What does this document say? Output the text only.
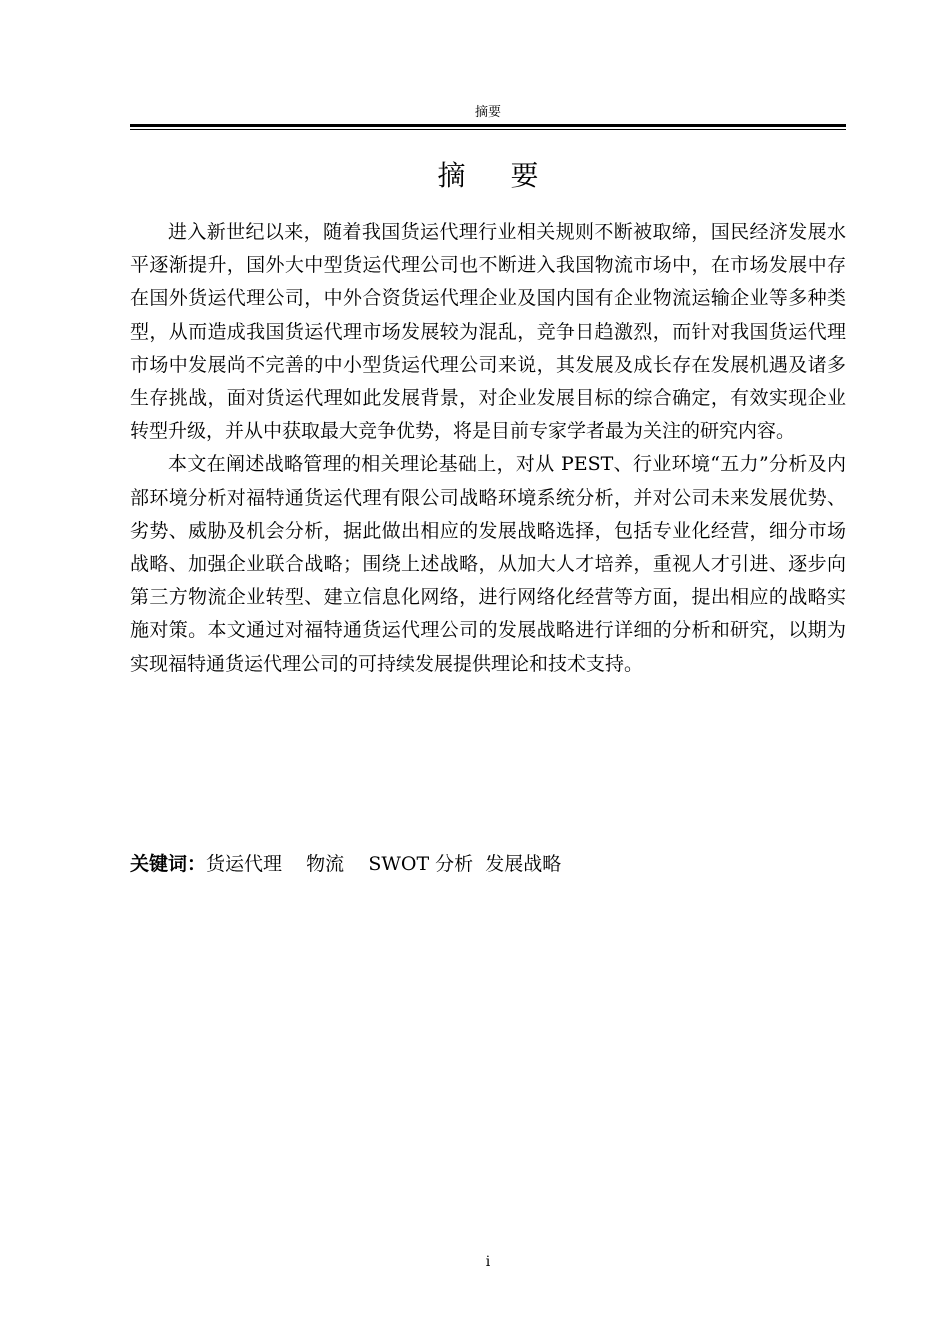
摘要
摘 要

进入新世纪以来，随着我国货运代理行业相关规则不断被取缔，国民经济发展水平逐渐提升，国外大中型货运代理公司也不断进入我国物流市场中，在市场发展中存在国外货运代理公司，中外合资货运代理企业及国内国有企业物流运输企业等多种类型，从而造成我国货运代理市场发展较为混乱，竞争日趋激烈，而针对我国货运代理市场中发展尚不完善的中小型货运代理公司来说，其发展及成长存在发展机遇及诸多生存挑战，面对货运代理如此发展背景，对企业发展目标的综合确定，有效实现企业转型升级，并从中获取最大竞争优势，将是目前专家学者最为关注的研究内容。

本文在阐述战略管理的相关理论基础上，对从 PEST、行业环境“五力”分析及内部环境分析对福特通货运代理有限公司战略环境系统分析，并对公司未来发展优势、劣势、威胁及机会分析，据此做出相应的发展战略选择，包括专业化经营，细分市场战略、加强企业联合战略；围绕上述战略，从加大人才培养，重视人才引进、逐步向第三方物流企业转型、建立信息化网络，进行网络化经营等方面，提出相应的战略实施对策。本文通过对福特通货运代理公司的发展战略进行详细的分析和研究，以期为实现福特通货运代理公司的可持续发展提供理论和技术支持。

关键词：货运代理    物流    SWOT 分析  发展战略
i
